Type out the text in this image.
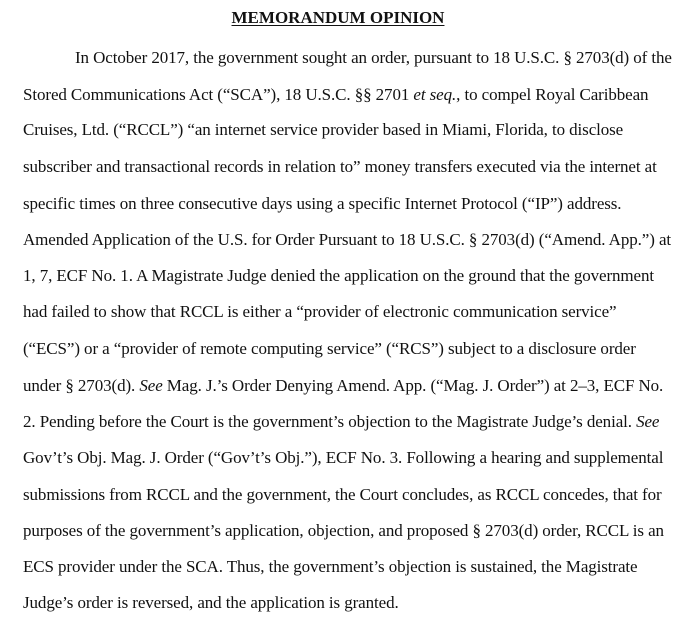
MEMORANDUM OPINION
In October 2017, the government sought an order, pursuant to 18 U.S.C. § 2703(d) of the
Stored Communications Act (“SCA”), 18 U.S.C. §§ 2701 et seq., to compel Royal Caribbean
Cruises, Ltd. (“RCCL”) “an internet service provider based in Miami, Florida, to disclose
subscriber and transactional records in relation to” money transfers executed via the internet at
specific times on three consecutive days using a specific Internet Protocol (“IP”) address.
Amended Application of the U.S. for Order Pursuant to 18 U.S.C. § 2703(d) (“Amend. App.”) at
1, 7, ECF No. 1. A Magistrate Judge denied the application on the ground that the government
had failed to show that RCCL is either a “provider of electronic communication service”
(“ECS”) or a “provider of remote computing service” (“RCS”) subject to a disclosure order
under § 2703(d). See Mag. J.’s Order Denying Amend. App. (“Mag. J. Order”) at 2–3, ECF No.
2. Pending before the Court is the government’s objection to the Magistrate Judge’s denial. See
Gov’t’s Obj. Mag. J. Order (“Gov’t’s Obj.”), ECF No. 3. Following a hearing and supplemental
submissions from RCCL and the government, the Court concludes, as RCCL concedes, that for
purposes of the government’s application, objection, and proposed § 2703(d) order, RCCL is an
ECS provider under the SCA. Thus, the government’s objection is sustained, the Magistrate
Judge’s order is reversed, and the application is granted.
